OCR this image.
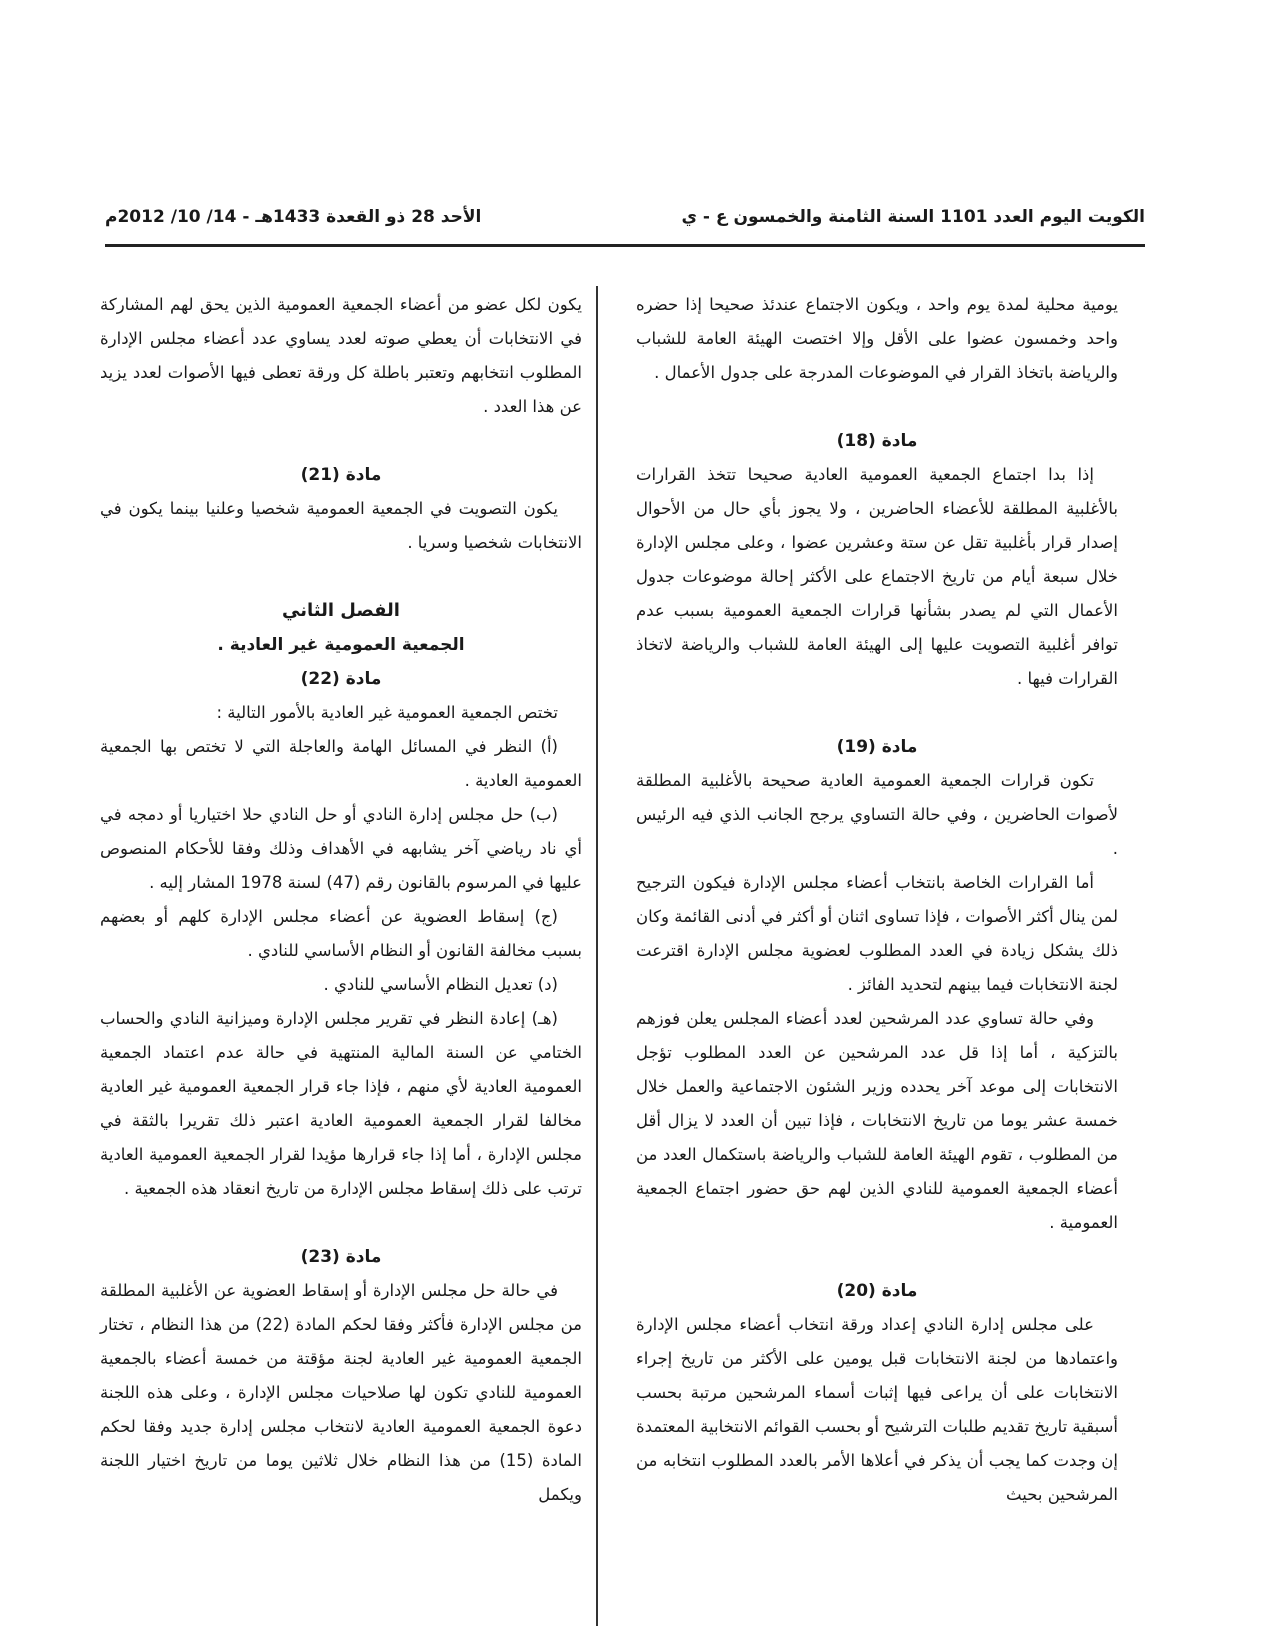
الكويت اليوم العدد 1101 السنة الثامنة والخمسون ع - ي
الأحد 28 ذو القعدة 1433هـ - 14/ 10/ 2012م

يومية محلية لمدة يوم واحد ، ويكون الاجتماع عندئذ صحيحا إذا حضره واحد وخمسون عضوا على الأقل وإلا اختصت الهيئة العامة للشباب والرياضة باتخاذ القرار في الموضوعات المدرجة على جدول الأعمال .

مادة (18)

إذا بدا اجتماع الجمعية العمومية العادية صحيحا تتخذ القرارات بالأغلبية المطلقة للأعضاء الحاضرين ، ولا يجوز بأي حال من الأحوال إصدار قرار بأغلبية تقل عن ستة وعشرين عضوا ، وعلى مجلس الإدارة خلال سبعة أيام من تاريخ الاجتماع على الأكثر إحالة موضوعات جدول الأعمال التي لم يصدر بشأنها قرارات الجمعية العمومية بسبب عدم توافر أغلبية التصويت عليها إلى الهيئة العامة للشباب والرياضة لاتخاذ القرارات فيها .

مادة (19)

تكون قرارات الجمعية العمومية العادية صحيحة بالأغلبية المطلقة لأصوات الحاضرين ، وفي حالة التساوي يرجح الجانب الذي فيه الرئيس .

أما القرارات الخاصة بانتخاب أعضاء مجلس الإدارة فيكون الترجيح لمن ينال أكثر الأصوات ، فإذا تساوى اثنان أو أكثر في أدنى القائمة وكان ذلك يشكل زيادة في العدد المطلوب لعضوية مجلس الإدارة اقترعت لجنة الانتخابات فيما بينهم لتحديد الفائز .

وفي حالة تساوي عدد المرشحين لعدد أعضاء المجلس يعلن فوزهم بالتزكية ، أما إذا قل عدد المرشحين عن العدد المطلوب تؤجل الانتخابات إلى موعد آخر يحدده وزير الشئون الاجتماعية والعمل خلال خمسة عشر يوما من تاريخ الانتخابات ، فإذا تبين أن العدد لا يزال أقل من المطلوب ، تقوم الهيئة العامة للشباب والرياضة باستكمال العدد من أعضاء الجمعية العمومية للنادي الذين لهم حق حضور اجتماع الجمعية العمومية .

مادة (20)

على مجلس إدارة النادي إعداد ورقة انتخاب أعضاء مجلس الإدارة واعتمادها من لجنة الانتخابات قبل يومين على الأكثر من تاريخ إجراء الانتخابات على أن يراعى فيها إثبات أسماء المرشحين مرتبة بحسب أسبقية تاريخ تقديم طلبات الترشيح أو بحسب القوائم الانتخابية المعتمدة إن وجدت كما يجب أن يذكر في أعلاها الأمر بالعدد المطلوب انتخابه من المرشحين بحيث

يكون لكل عضو من أعضاء الجمعية العمومية الذين يحق لهم المشاركة في الانتخابات أن يعطي صوته لعدد يساوي عدد أعضاء مجلس الإدارة المطلوب انتخابهم وتعتبر باطلة كل ورقة تعطى فيها الأصوات لعدد يزيد عن هذا العدد .

مادة (21)

يكون التصويت في الجمعية العمومية شخصيا وعلنيا بينما يكون في الانتخابات شخصيا وسريا .

الفصل الثاني

الجمعية العمومية غير العادية .

مادة (22)

تختص الجمعية العمومية غير العادية بالأمور التالية :

(أ) النظر في المسائل الهامة والعاجلة التي لا تختص بها الجمعية العمومية العادية .

(ب) حل مجلس إدارة النادي أو حل النادي حلا اختياريا أو دمجه في أي ناد رياضي آخر يشابهه في الأهداف وذلك وفقا للأحكام المنصوص عليها في المرسوم بالقانون رقم (47) لسنة 1978 المشار إليه .

(ج) إسقاط العضوية عن أعضاء مجلس الإدارة كلهم أو بعضهم بسبب مخالفة القانون أو النظام الأساسي للنادي .

(د) تعديل النظام الأساسي للنادي .

(هـ) إعادة النظر في تقرير مجلس الإدارة وميزانية النادي والحساب الختامي عن السنة المالية المنتهية في حالة عدم اعتماد الجمعية العمومية العادية لأي منهم ، فإذا جاء قرار الجمعية العمومية غير العادية مخالفا لقرار الجمعية العمومية العادية اعتبر ذلك تقريرا بالثقة في مجلس الإدارة ، أما إذا جاء قرارها مؤيدا لقرار الجمعية العمومية العادية ترتب على ذلك إسقاط مجلس الإدارة من تاريخ انعقاد هذه الجمعية .

مادة (23)

في حالة حل مجلس الإدارة أو إسقاط العضوية عن الأغلبية المطلقة من مجلس الإدارة فأكثر وفقا لحكم المادة (22) من هذا النظام ، تختار الجمعية العمومية غير العادية لجنة مؤقتة من خمسة أعضاء بالجمعية العمومية للنادي تكون لها صلاحيات مجلس الإدارة ، وعلى هذه اللجنة دعوة الجمعية العمومية العادية لانتخاب مجلس إدارة جديد وفقا لحكم المادة (15) من هذا النظام خلال ثلاثين يوما من تاريخ اختيار اللجنة ويكمل
